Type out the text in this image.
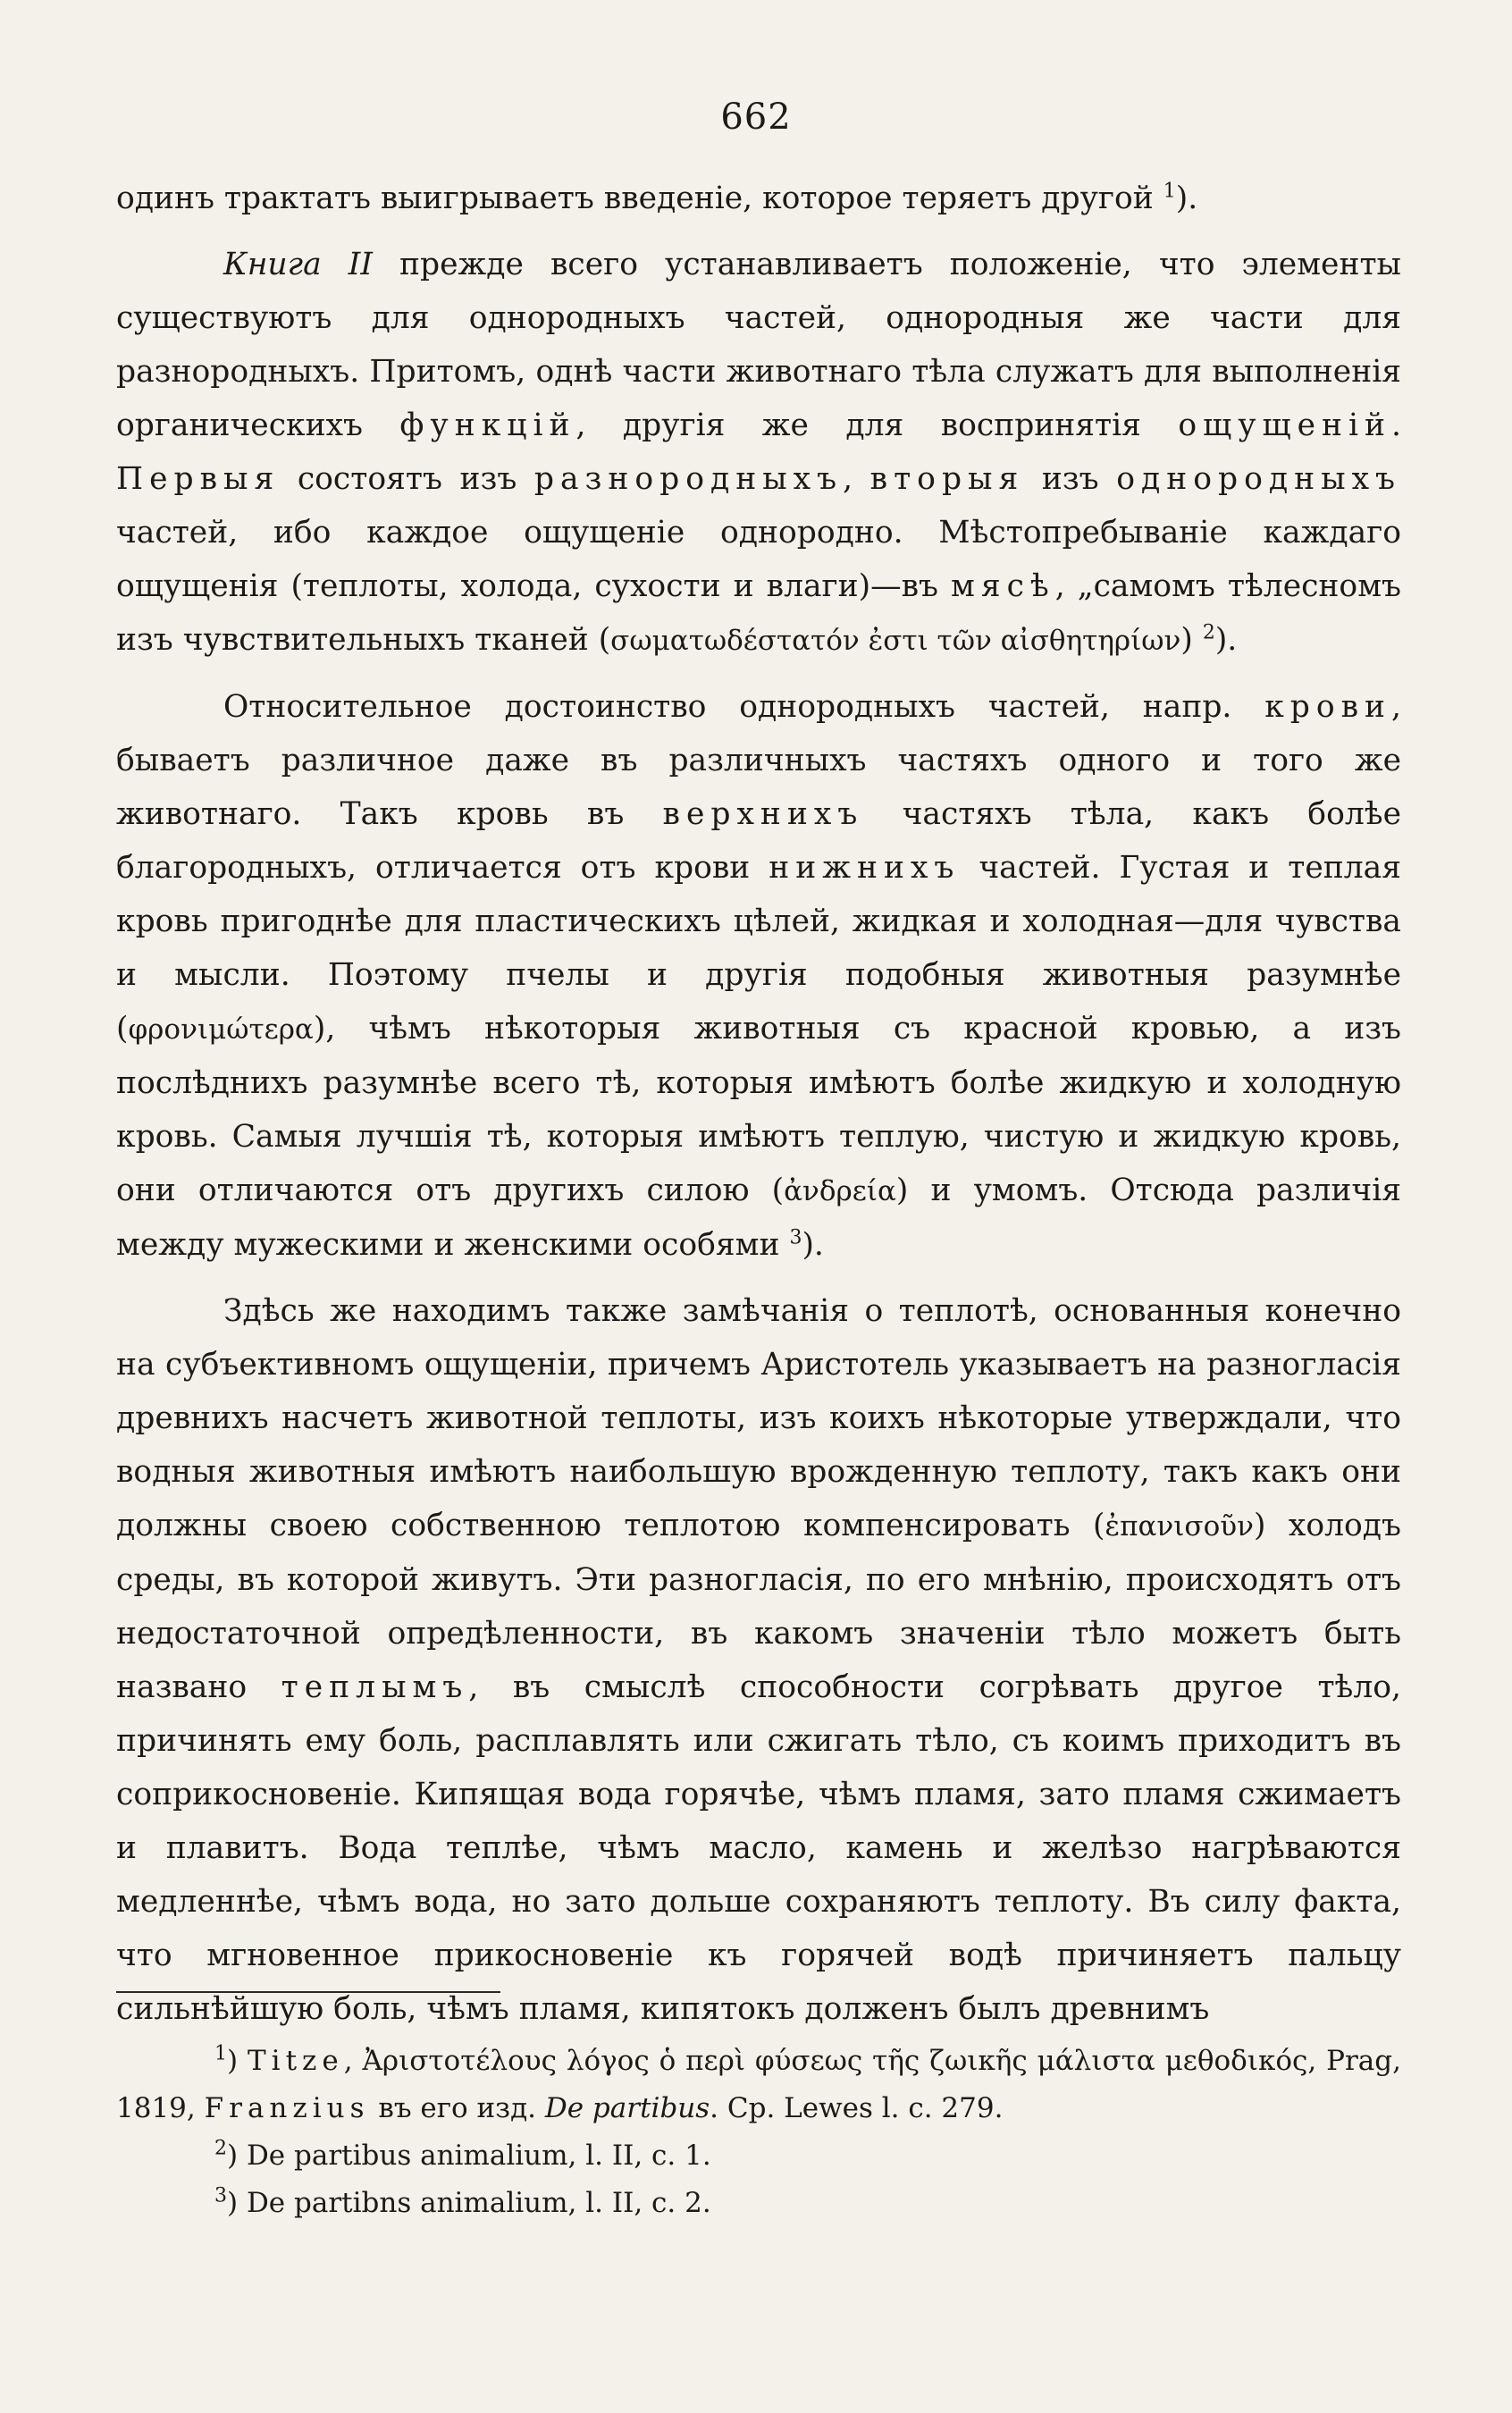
662

одинъ трактатъ выигрываетъ введеніе, которое теряетъ другой $^1$).

Книга II прежде всего устанавливаетъ положеніе, что элементы существуютъ для однородныхъ частей, однородныя же части для разнородныхъ. Притомъ, однѣ части животнаго тѣла служатъ для выполненія органическихъ функцій, другія же для воспринятія ощущеній. Первыя состоятъ изъ разнородныхъ, вторыя изъ однородныхъ частей, ибо каждое ощущеніе однородно. Мѣстопребываніе каждаго ощущенія (теплоты, холода, сухости и влаги)—въ мясѣ, „самомъ тѣлесномъ изъ чувствительныхъ тканей (σωματωδέστατόν ἐστι τῶν αἰσθητηρίων) $^2$).

Относительное достоинство однородныхъ частей, напр. крови, бываетъ различное даже въ различныхъ частяхъ одного и того же животнаго. Такъ кровь въ верхнихъ частяхъ тѣла, какъ болѣе благородныхъ, отличается отъ крови нижнихъ частей. Густая и теплая кровь пригоднѣе для пластическихъ цѣлей, жидкая и холодная—для чувства и мысли. Поэтому пчелы и другія подобныя животныя разумнѣе (φρονιμώτερα), чѣмъ нѣкоторыя животныя съ красной кровью, а изъ послѣднихъ разумнѣе всего тѣ, которыя имѣютъ болѣе жидкую и холодную кровь. Самыя лучшія тѣ, которыя имѣютъ теплую, чистую и жидкую кровь, они отличаются отъ другихъ силою (ἀνδρεία) и умомъ. Отсюда различія между мужескими и женскими особями $^3$).

Здѣсь же находимъ также замѣчанія о теплотѣ, основанныя конечно на субъективномъ ощущеніи, причемъ Аристотель указываетъ на разногласія древнихъ насчетъ животной теплоты, изъ коихъ нѣкоторые утверждали, что водныя животныя имѣютъ наибольшую врожденную теплоту, такъ какъ они должны своею собственною теплотою компенсировать (ἐπανισοῦν) холодъ среды, въ которой живутъ. Эти разногласія, по его мнѣнію, происходятъ отъ недостаточной опредѣленности, въ какомъ значеніи тѣло можетъ быть названо теплымъ, въ смыслѣ способности согрѣвать другое тѣло, причинять ему боль, расплавлять или сжигать тѣло, съ коимъ приходитъ въ соприкосновеніе. Кипящая вода горячѣе, чѣмъ пламя, зато пламя сжимаетъ и плавитъ. Вода теплѣе, чѣмъ масло, камень и желѣзо нагрѣваются медленнѣе, чѣмъ вода, но зато дольше сохраняютъ теплоту. Въ силу факта, что мгновенное прикосновеніе къ горячей водѣ причиняетъ пальцу сильнѣйшую боль, чѣмъ пламя, кипятокъ долженъ былъ древнимъ

$^1$) Titze, Ἀριστοτέλους λόγος ὁ περὶ φύσεως τῆς ζωικῆς μάλιστα μεθοδικός, Prag, 1819, Franzius въ его изд. De partibus. Ср. Lewes l. c. 279.

$^2$) De partibus animalium, l. II, c. 1.

$^3$) De partibns animalium, l. II, c. 2.
